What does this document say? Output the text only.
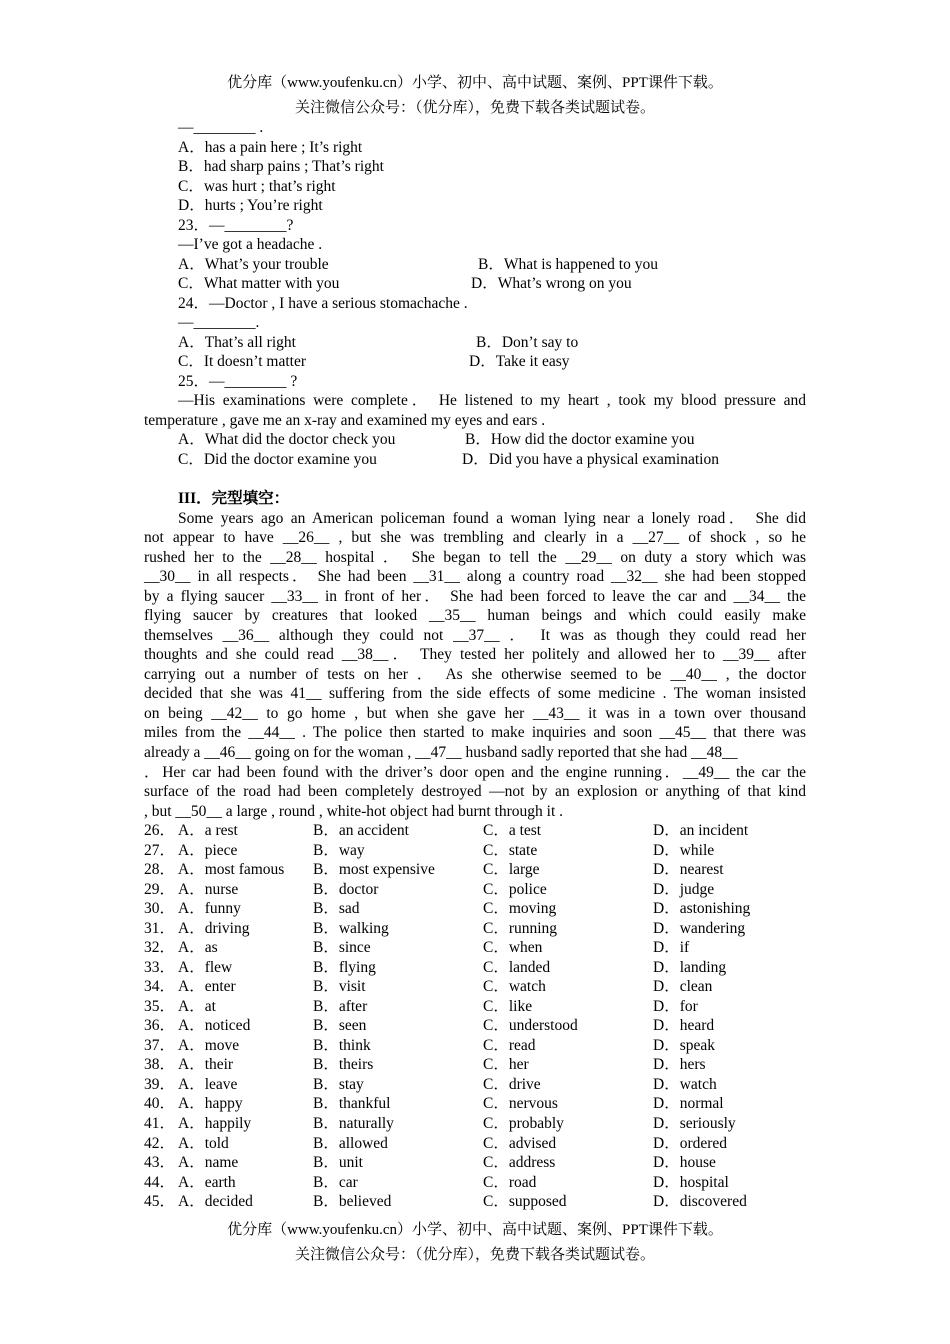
优分库（www.youfenku.cn）小学、初中、高中试题、案例、PPT课件下载。
关注微信公众号：（优分库），免费下载各类试题试卷。
—________ .
A．has a pain here ; It’s right
B．had sharp pains ; That’s right
C．was hurt ; that’s right
D．hurts ; You’re right
23．—________?
—I’ve got a headache .
A．What’s your trouble	B．What is happened to you
C．What matter with you	D．What’s wrong on you
24．—Doctor , I have a serious stomachache .
—________.
A．That’s all right	B．Don’t say to
C．It doesn’t matter	D．Take it easy
25．—________ ?
—His examinations were complete． He listened to my heart , took my blood pressure and
temperature , gave me an x-ray and examined my eyes and ears .
A．What did the doctor check you	B．How did the doctor examine you
C．Did the doctor examine you	D．Did you have a physical examination
III．完型填空：
Some years ago an American policeman found a woman lying near a lonely road． She did
not appear to have __26__ , but she was trembling and clearly in a __27__ of shock , so he
rushed her to the __28__ hospital ． She began to tell the __29__ on duty a story which was
__30__ in all respects． She had been __31__ along a country road __32__ she had been stopped
by a flying saucer __33__ in front of her． She had been forced to leave the car and __34__ the
flying saucer by creatures that looked __35__ human beings and which could easily make
themselves __36__ although they could not __37__ ． It was as though they could read her
thoughts and she could read __38__． They tested her politely and allowed her to __39__ after
carrying out a number of tests on her ． As she otherwise seemed to be __40__ , the doctor
decided that she was 41__ suffering from the side effects of some medicine . The woman insisted
on being __42__ to go home , but when she gave her __43__ it was in a town over thousand
miles from the __44__ . The police then started to make inquiries and soon __45__ that there was
already a __46__ going on for the woman , __47__ husband sadly reported that she had __48__
．Her car had been found with the driver’s door open and the engine running．__49__ the car the
surface of the road had been completely destroyed —not by an explosion or anything of that kind
, but __50__ a large , round , white-hot object had burnt through it .
26． A．a rest	B．an accident	C．a test	D．an incident
27． A．piece	B．way	C．state	D．while
28． A．most famous B．most expensive	C．large	D．nearest
29． A．nurse	B．doctor	C．police	D．judge
30． A．funny	B．sad	C．moving	D．astonishing
31． A．driving	B．walking	C．running	D．wandering
32． A．as	B．since	C．when	D．if
33． A．flew	B．flying	C．landed	D．landing
34． A．enter	B．visit	C．watch	D．clean
35． A．at	B．after	C．like	D．for
36． A．noticed	B．seen	C．understood	D．heard
37． A．move	B．think	C．read	D．speak
38． A．their	B．theirs	C．her	D．hers
39． A．leave	B．stay	C．drive	D．watch
40． A．happy	B．thankful	C．nervous	D．normal
41． A．happily	B．naturally	C．probably	D．seriously
42． A．told	B．allowed	C．advised	D．ordered
43． A．name	B．unit	C．address	D．house
44． A．earth	B．car	C．road	D．hospital
45． A．decided	B．believed	C．supposed	D．discovered
优分库（www.youfenku.cn）小学、初中、高中试题、案例、PPT课件下载。
关注微信公众号：（优分库），免费下载各类试题试卷。
